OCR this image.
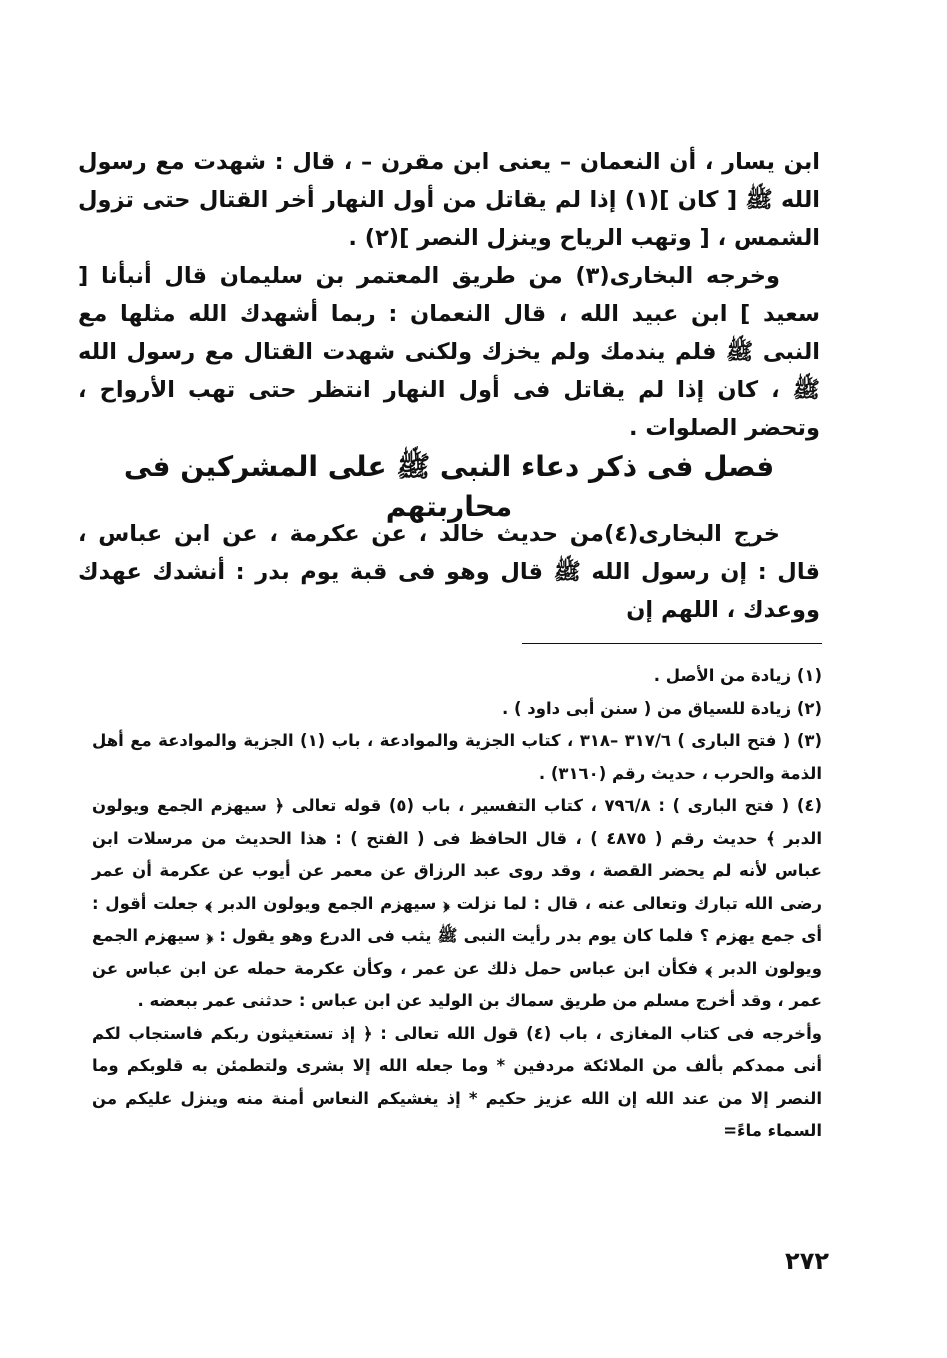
ابن يسار ، أن النعمان – يعنى ابن مقرن – ، قال : شهدت مع رسول الله ﷺ [ كان ](١) إذا لم يقاتل من أول النهار أخر القتال حتى تزول الشمس ، [ وتهب الرياح وينزل النصر ](٢) .

وخرجه البخارى(٣) من طريق المعتمر بن سليمان قال أنبأنا [ سعيد ] ابن عبيد الله ، قال النعمان : ربما أشهدك الله مثلها مع النبى ﷺ فلم يندمك ولم يخزك ولكنى شهدت القتال مع رسول الله ﷺ ، كان إذا لم يقاتل فى أول النهار انتظر حتى تهب الأرواح ، وتحضر الصلوات .

فصل فى ذكر دعاء النبى ﷺ على المشركين فى محاربتهم

خرج البخارى(٤)من حديث خالد ، عن عكرمة ، عن ابن عباس ، قال : إن رسول الله ﷺ قال وهو فى قبة يوم بدر : أنشدك عهدك ووعدك ، اللهم إن

(١) زيادة من الأصل .

(٢) زيادة للسياق من ( سنن أبى داود ) .

(٣) ( فتح البارى ) ٣١٧/٦ –٣١٨ ، كتاب الجزية والموادعة ، باب (١) الجزية والموادعة مع أهل الذمة والحرب ، حديث رقم (٣١٦٠) .

(٤) ( فتح البارى ) : ٧٩٦/٨ ، كتاب التفسير ، باب (٥) قوله تعالى ﴿ سيهزم الجمع ويولون الدبر ﴾ حديث رقم ( ٤٨٧٥ ) ، قال الحافظ فى ( الفتح ) : هذا الحديث من مرسلات ابن عباس لأنه لم يحضر القصة ، وقد روى عبد الرزاق عن معمر عن أيوب عن عكرمة أن عمر رضى الله تبارك وتعالى عنه ، قال : لما نزلت ﴿ سيهزم الجمع ويولون الدبر ﴾ جعلت أقول : أى جمع يهزم ؟ فلما كان يوم بدر رأيت النبى ﷺ يثب فى الدرع وهو يقول : ﴿ سيهزم الجمع ويولون الدبر ﴾ فكأن ابن عباس حمل ذلك عن عمر ، وكأن عكرمة حمله عن ابن عباس عن عمر ، وقد أخرج مسلم من طريق سماك بن الوليد عن ابن عباس : حدثنى عمر ببعضه .

وأخرجه فى كتاب المغازى ، باب (٤) قول الله تعالى : ﴿ إذ تستغيثون ربكم فاستجاب لكم أنى ممدكم بألف من الملائكة مردفين * وما جعله الله إلا بشرى ولتطمئن به قلوبكم وما النصر إلا من عند الله إن الله عزيز حكيم * إذ يغشيكم النعاس أمنة منه وينزل عليكم من السماء ماءً=

٢٧٢
